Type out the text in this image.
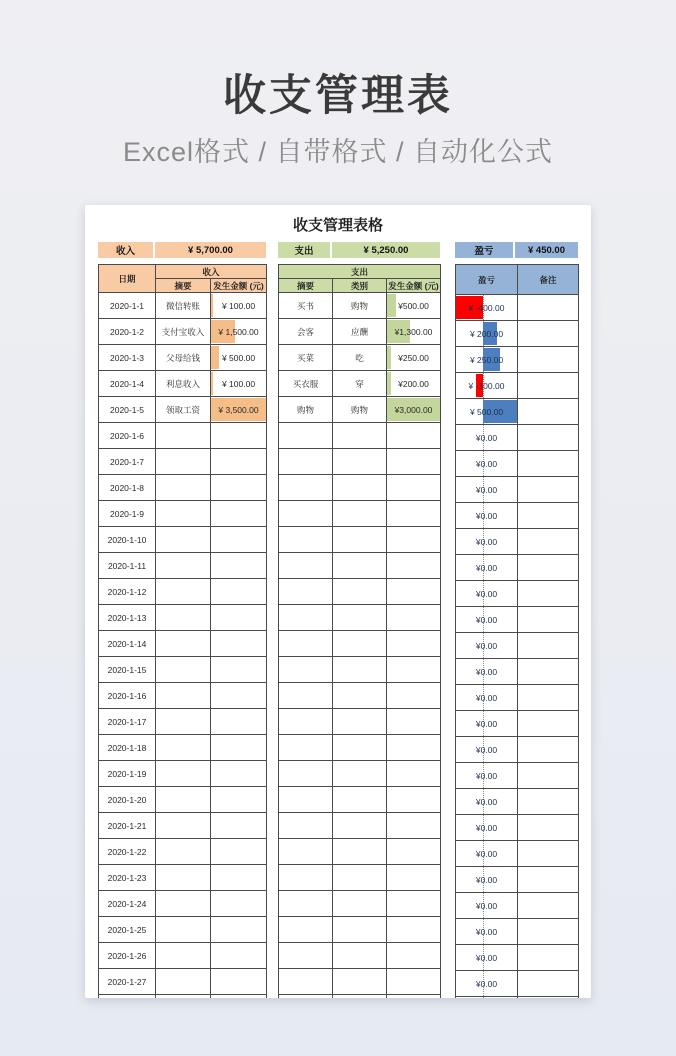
收支管理表
Excel格式 / 自带格式 / 自动化公式
收支管理表格
收入	¥ 5,700.00
日期	收入	
	摘要	发生金额 (元)
2020-1-1	微信转账	¥ 100.00
2020-1-2	支付宝收入	¥ 1,500.00
2020-1-3	父母给钱	¥ 500.00
2020-1-4	利息收入	¥ 100.00
2020-1-5	领取工资	¥ 3,500.00
2020-1-6		
2020-1-7		
2020-1-8		
2020-1-9		
2020-1-10		
2020-1-11		
2020-1-12		
2020-1-13		
2020-1-14		
2020-1-15		
2020-1-16		
2020-1-17		
2020-1-18		
2020-1-19		
2020-1-20		
2020-1-21		
2020-1-22		
2020-1-23		
2020-1-24		
2020-1-25		
2020-1-26		
2020-1-27		

支出	¥ 5,250.00
支出		
摘要	类别	发生金额 (元)
买书	购物	¥500.00
会客	应酬	¥1,300.00
买菜	吃	¥250.00
买衣服	穿	¥200.00
购物	购物	¥3,000.00

盈亏	¥ 450.00
盈亏	备注

¥ -400.00	

¥ 200.00	

¥ 250.00	

¥ -100.00	

¥ 500.00	

¥0.00	

¥0.00	

¥0.00	

¥0.00	

¥0.00	

¥0.00	

¥0.00	

¥0.00	

¥0.00	

¥0.00	

¥0.00	

¥0.00	

¥0.00	

¥0.00	

¥0.00	

¥0.00	

¥0.00	

¥0.00	

¥0.00	

¥0.00	

¥0.00	

¥0.00	
